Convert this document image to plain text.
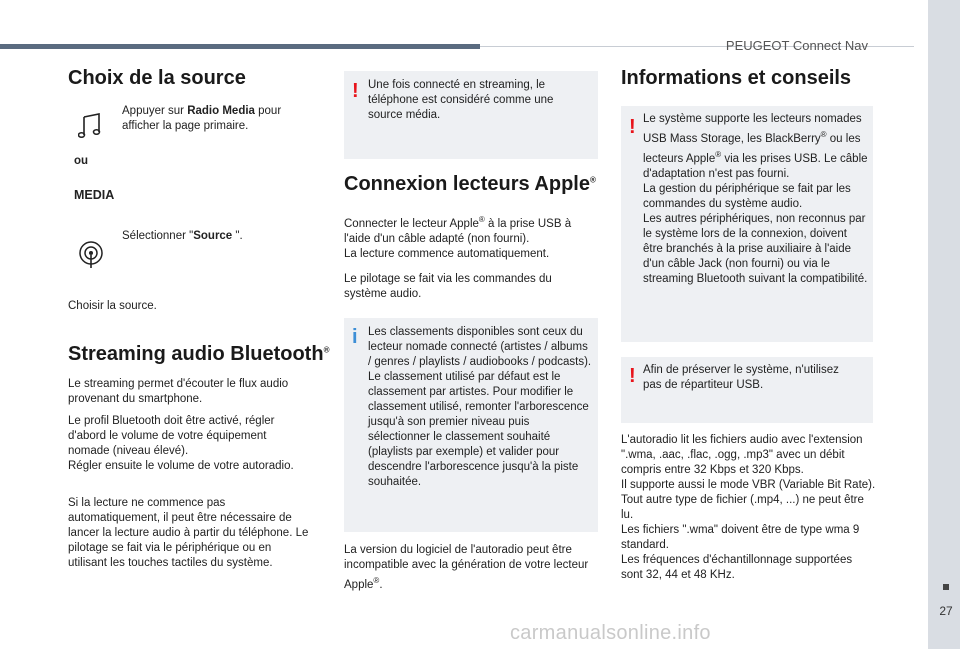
PEUGEOT Connect Nav
27
Choix de la source

Appuyer sur Radio Media pour afficher la page primaire.

ou
MEDIA

Sélectionner "Source ".

Choisir la source.

Streaming audio Bluetooth®

Le streaming permet d'écouter le flux audio provenant du smartphone.

Le profil Bluetooth doit être activé, régler d'abord le volume de votre équipement nomade (niveau élevé).

Régler ensuite le volume de votre autoradio.

Si la lecture ne commence pas automatiquement, il peut être nécessaire de lancer la lecture audio à partir du téléphone. Le pilotage se fait via le périphérique ou en utilisant les touches tactiles du système.

! Une fois connecté en streaming, le téléphone est considéré comme une source média.

Connexion lecteurs Apple®

Connecter le lecteur Apple® à la prise USB à l'aide d'un câble adapté (non fourni).

La lecture commence automatiquement.

Le pilotage se fait via les commandes du système audio.

i Les classements disponibles sont ceux du lecteur nomade connecté (artistes / albums / genres / playlists / audiobooks / podcasts).

Le classement utilisé par défaut est le classement par artistes. Pour modifier le classement utilisé, remonter l'arborescence jusqu'à son premier niveau puis sélectionner le classement souhaité (playlists par exemple) et valider pour descendre l'arborescence jusqu'à la piste souhaitée.

La version du logiciel de l'autoradio peut être incompatible avec la génération de votre lecteur Apple®.

Informations et conseils
! Le système supporte les lecteurs nomades USB Mass Storage, les BlackBerry® ou les lecteurs Apple® via les prises USB. Le câble d'adaptation n'est pas fourni.

La gestion du périphérique se fait par les commandes du système audio.

Les autres périphériques, non reconnus par le système lors de la connexion, doivent être branchés à la prise auxiliaire à l'aide d'un câble Jack (non fourni) ou via le streaming Bluetooth suivant la compatibilité.

! Afin de préserver le système, n'utilisez pas de répartiteur USB.

L'autoradio lit les fichiers audio avec l'extension ".wma, .aac, .flac, .ogg, .mp3" avec un débit compris entre 32 Kbps et 320 Kbps.

Il supporte aussi le mode VBR (Variable Bit Rate).

Tout autre type de fichier (.mp4, ...) ne peut être lu.

Les fichiers ".wma" doivent être de type wma 9 standard.

Les fréquences d'échantillonnage supportées sont 32, 44 et 48 KHz.

carmanualsonline.info
